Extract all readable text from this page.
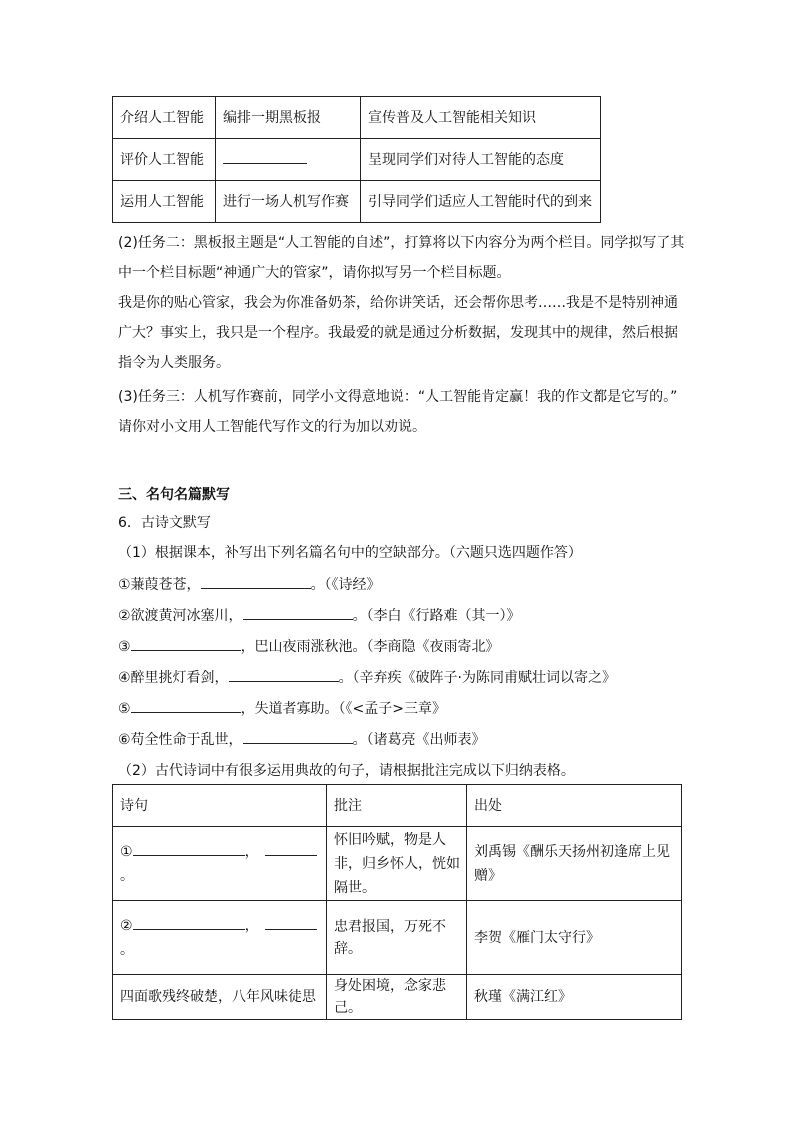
介绍人工智能	编排一期黑板报	宣传普及人工智能相关知识
评价人工智能		呈现同学们对待人工智能的态度
运用人工智能	进行一场人机写作赛	引导同学们适应人工智能时代的到来
(2)任务二：黑板报主题是“人工智能的自述”，打算将以下内容分为两个栏目。同学拟写了其
中一个栏目标题“神通广大的管家”，请你拟写另一个栏目标题。
我是你的贴心管家，我会为你准备奶茶，给你讲笑话，还会帮你思考……我是不是特别神通
广大？事实上，我只是一个程序。我最爱的就是通过分析数据，发现其中的规律，然后根据
指令为人类服务。
(3)任务三：人机写作赛前，同学小文得意地说：“人工智能肯定赢！我的作文都是它写的。”
请你对小文用人工智能代写作文的行为加以劝说。
三、名句名篇默写
6．古诗文默写
（1）根据课本，补写出下列名篇名句中的空缺部分。（六题只选四题作答）
①蒹葭苍苍，	。（《诗经》
②欲渡黄河冰塞川，	。（李白《行路难（其一）》
③	，巴山夜雨涨秋池。（李商隐《夜雨寄北》
④醉里挑灯看剑，	。（辛弃疾《破阵子·为陈同甫赋壮词以寄之》
⑤	，失道者寡助。（《<孟子>三章》
⑥苟全性命于乱世，	。（诸葛亮《出师表》
（2）古代诗词中有很多运用典故的句子，请根据批注完成以下归纳表格。
诗句	批注	出处
① ，
。	怀旧吟赋，物是人非，归乡怀人，恍如隔世。	刘禹锡《酬乐天扬州初逢席上见赠》
② ，
。	忠君报国，万死不辞。	李贺《雁门太守行》
四面歌残终破楚，八年风味徒思	身处困境，念家悲己。	秋瑾《满江红》
